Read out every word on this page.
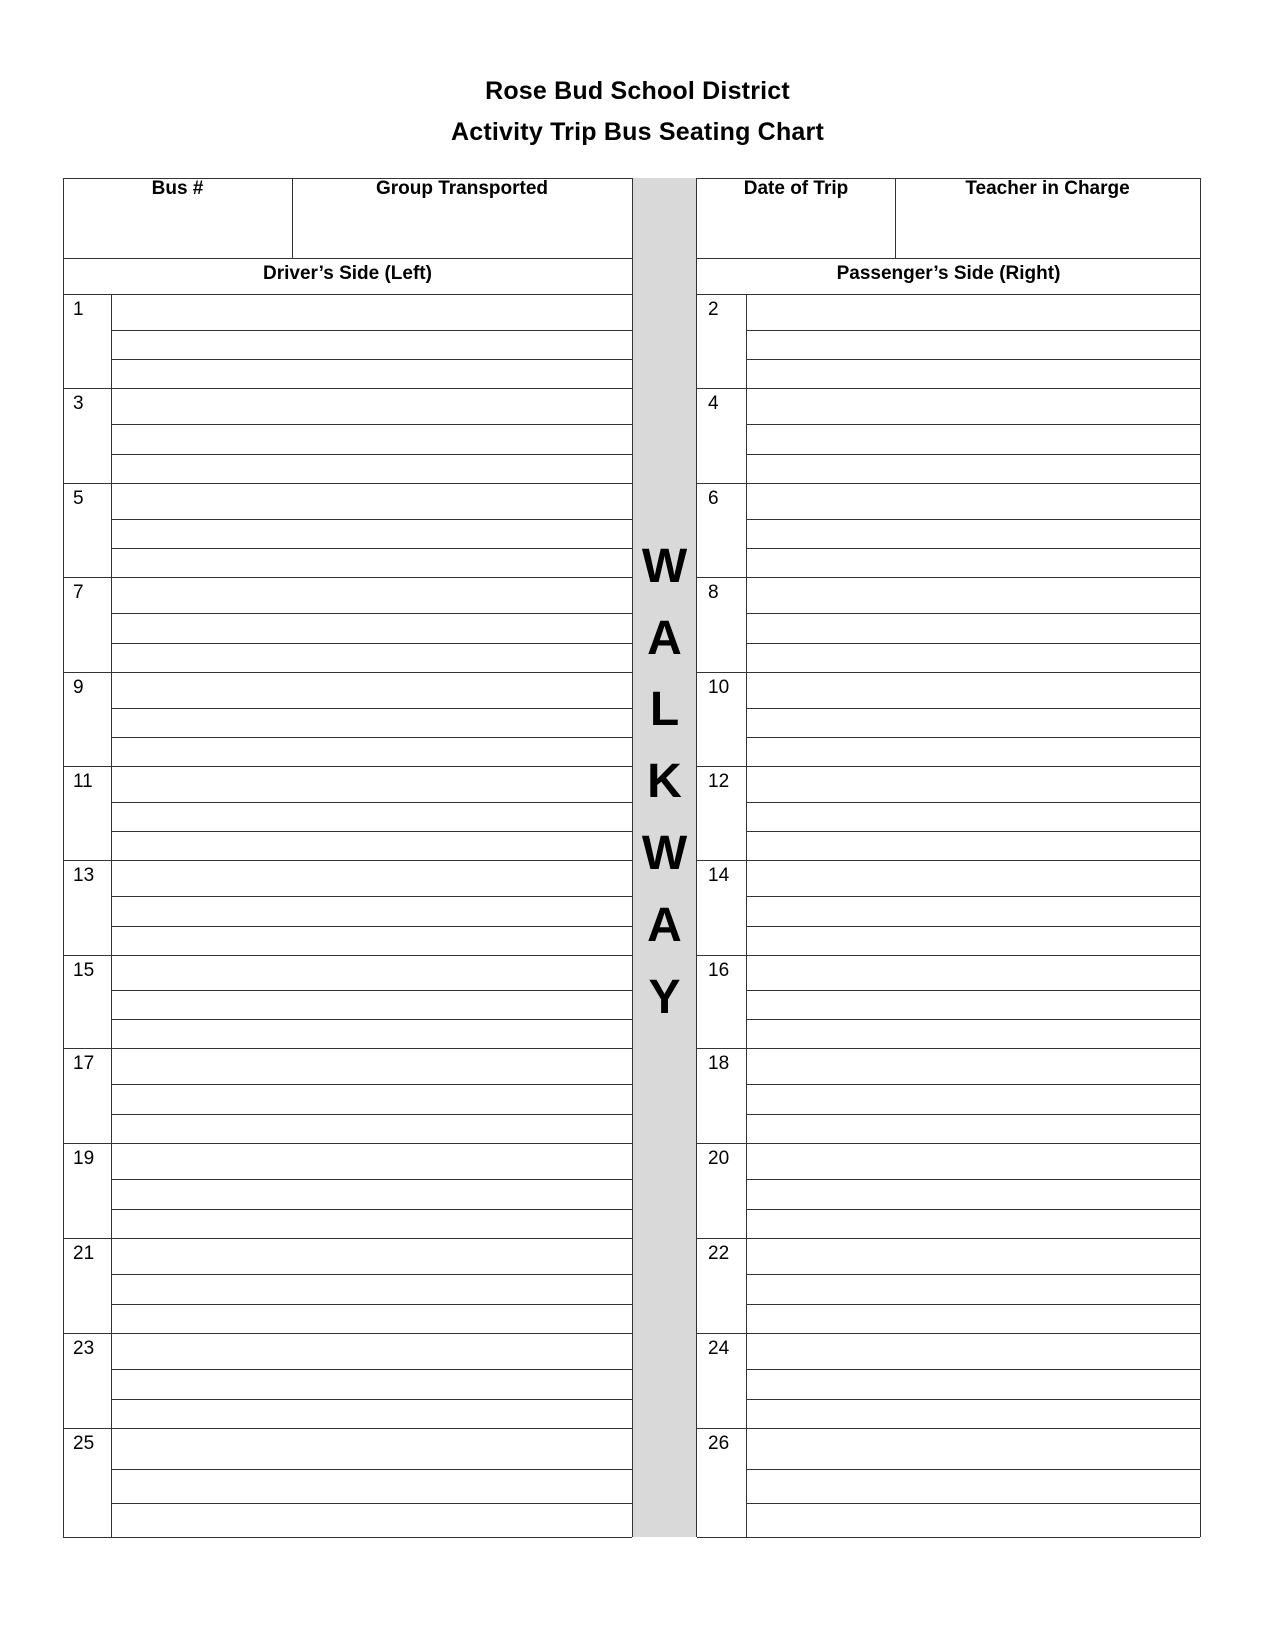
Rose Bud School District
Activity Trip Bus Seating Chart
Bus #	Group Transported	Date of Trip	Teacher in Charge
Driver’s Side (Left)	Passenger’s Side (Right)
1	2
3	4
5	6
7	8
9	10
11	12
13	14
15	16
17	18
19	20
21	22
23	24
25	26
W
A
L
K
W
A
Y
